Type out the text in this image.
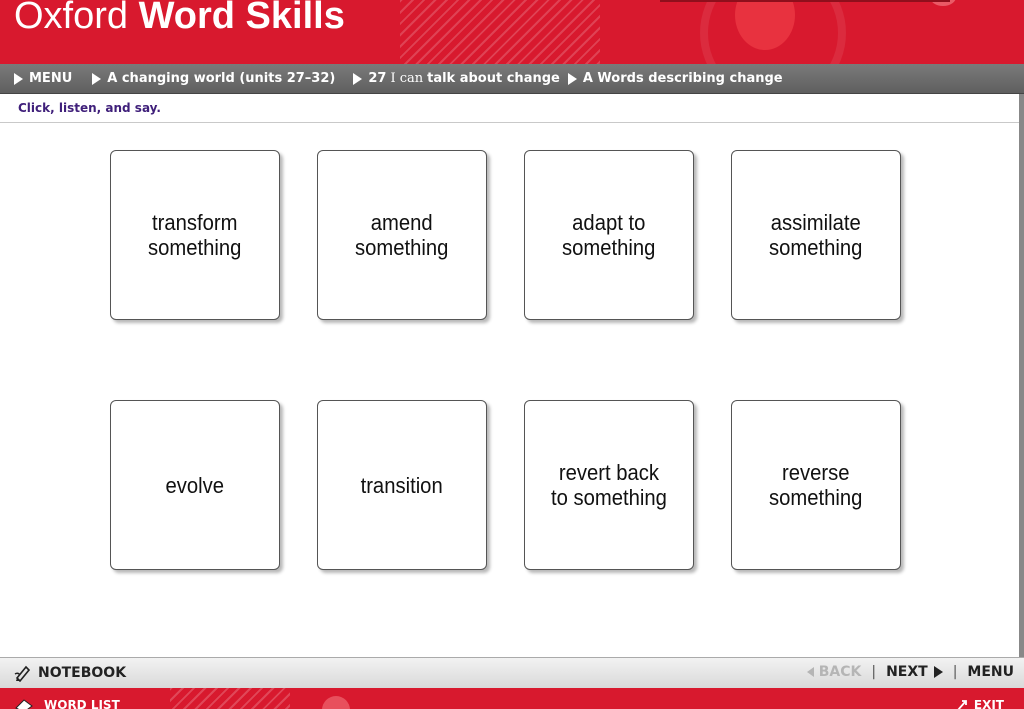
Oxford Word Skills
MENU	A changing world (units 27–32)	27 I can talk about change A Words describing change
Click, listen, and say.
transform
something
amend
something
adapt to
something
assimilate
something
evolve	transition	revert back
to something
reverse
something
NOTEBOOK	BACK | NEXT | MENU
WORD LIST	EXIT
